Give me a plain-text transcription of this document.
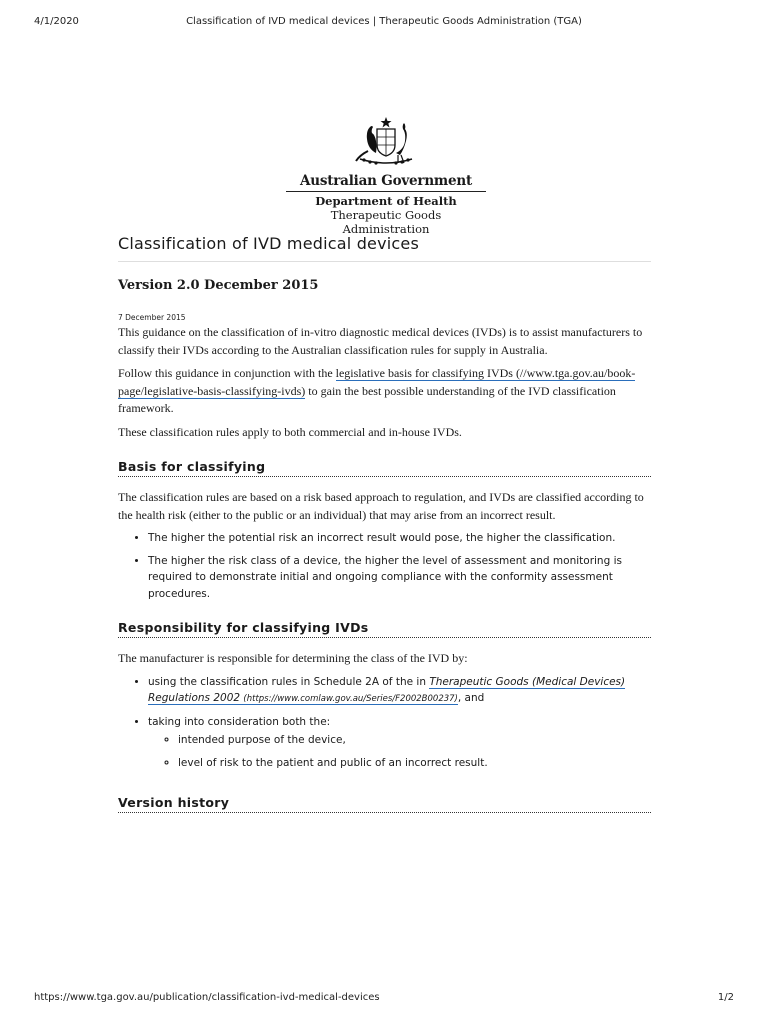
4/1/2020	Classification of IVD medical devices | Therapeutic Goods Administration (TGA)
Australian Government
Department of Health
Therapeutic Goods Administration
Classification of IVD medical devices
Version 2.0 December 2015
7 December 2015

This guidance on the classification of in-vitro diagnostic medical devices (IVDs) is to assist manufacturers to classify their IVDs according to the Australian classification rules for supply in Australia.

Follow this guidance in conjunction with the legislative basis for classifying IVDs (//www.tga.gov.au/book-page/legislative-basis-classifying-ivds) to gain the best possible understanding of the IVD classification framework.

These classification rules apply to both commercial and in-house IVDs.

Basis for classifying

The classification rules are based on a risk based approach to regulation, and IVDs are classified according to the health risk (either to the public or an individual) that may arise from an incorrect result.

• The higher the potential risk an incorrect result would pose, the higher the classification.
• The higher the risk class of a device, the higher the level of assessment and monitoring is required to demonstrate initial and ongoing compliance with the conformity assessment procedures.
Responsibility for classifying IVDs

The manufacturer is responsible for determining the class of the IVD by:

• using the classification rules in Schedule 2A of the in Therapeutic Goods (Medical Devices) Regulations 2002 (https://www.comlaw.gov.au/Series/F2002B00237), and
• taking into consideration both the:
◦ intended purpose of the device,
◦ level of risk to the patient and public of an incorrect result.
Version history
https://www.tga.gov.au/publication/classification-ivd-medical-devices	1/2
